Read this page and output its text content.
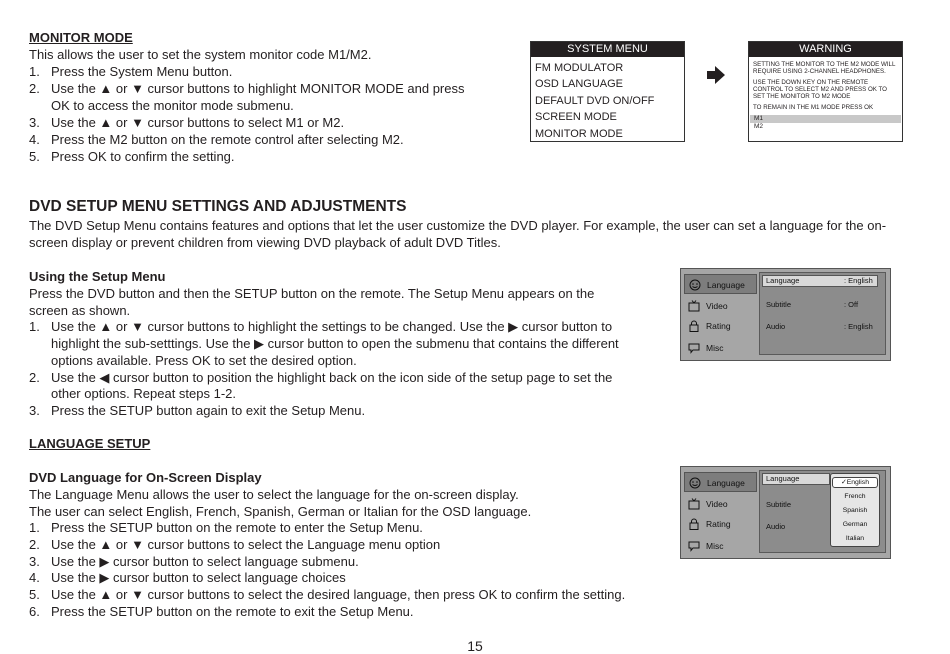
MONITOR MODE
This allows the user to set the system monitor code M1/M2.
1. Press the System Menu button.
2. Use the ▲ or ▼ cursor buttons to highlight MONITOR MODE and press
OK to access the monitor mode submenu.
3. Use the ▲ or ▼ cursor buttons to select M1 or M2.
4. Press the M2 button on the remote control after selecting M2.
5. Press OK to confirm the setting.
SYSTEM MENU
FM MODULATOR
OSD LANGUAGE
DEFAULT DVD ON/OFF
SCREEN MODE
MONITOR MODE
WARNING

SETTING THE MONITOR TO THE M2 MODE WILL REQUIRE USING 2-CHANNEL HEADPHONES.

USE THE DOWN KEY ON THE REMOTE CONTROL TO SELECT M2 AND PRESS OK TO SET THE MONITOR TO M2 MODE

TO REMAIN IN THE M1 MODE PRESS OK

M1
M2
DVD SETUP MENU SETTINGS AND ADJUSTMENTS
The DVD Setup Menu contains features and options that let the user customize the DVD player. For example, the user can set a language for the on-
screen display or prevent children from viewing DVD playback of adult DVD Titles.
Using the Setup Menu
Press the DVD button and then the SETUP button on the remote. The Setup Menu appears on the
screen as shown.
1. Use the ▲ or ▼ cursor buttons to highlight the settings to be changed. Use the ▶ cursor button to
highlight the sub-setttings. Use the ▶ cursor button to open the submenu that contains the different
options available. Press OK to set the desired option.
2. Use the ◀ cursor button to position the highlight back on the icon side of the setup page to set the
other options. Repeat steps 1-2.
3. Press the SETUP button again to exit the Setup Menu.
Language
Video
Rating
Misc
Language	: English
Subtitle	: Off
Audio	: English
LANGUAGE SETUP
DVD Language for On-Screen Display
The Language Menu allows the user to select the language for the on-screen display.
The user can select English, French, Spanish, German or Italian for the OSD language.
1. Press the SETUP button on the remote to enter the Setup Menu.
2. Use the ▲ or ▼ cursor buttons to select the Language menu option
3. Use the ▶ cursor button to select language submenu.
4. Use the ▶ cursor button to select language choices
5. Use the ▲ or ▼ cursor buttons to select the desired language, then press OK to confirm the setting.
6. Press the SETUP button on the remote to exit the Setup Menu.
Language
Video
Rating
Misc
Language
Subtitle
Audio
✓English
French
Spanish
German
Italian
15
